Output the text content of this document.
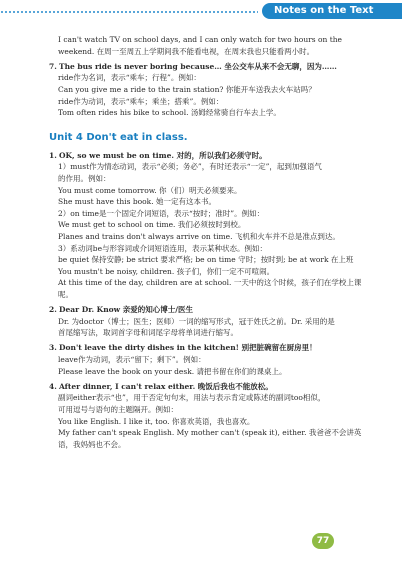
Notes on the Text
I can't watch TV on school days, and I can only watch for two hours on the
weekend. 在周一至周五上学期间我不能看电视，在周末我也只能看两小时。
7. The bus ride is never boring because… 坐公交车从来不会无聊，因为……
ride作为名词，表示“乘车；行程”。例如：
Can you give me a ride to the train station? 你能开车送我去火车站吗？
ride作为动词，表示“乘车；乘坐；搭乘”。例如：
Tom often rides his bike to school. 汤姆经常骑自行车去上学。
Unit 4 Don't eat in class.
1. OK, so we must be on time. 对的，所以我们必须守时。
1）must作为情态动词，表示“必须；务必”，有时还表示“一定”，起到加强语气
的作用。例如：
You must come tomorrow. 你（们）明天必须要来。
She must have this book. 她一定有这本书。
2）on time是一个固定介词短语，表示“按时；准时”。例如：
We must get to school on time. 我们必须按时到校。
Planes and trains don't always arrive on time. 飞机和火车并不总是准点到达。
3）系动词be与形容词或介词短语连用，表示某种状态。例如：
be quiet 保持安静; be strict 要求严格; be on time 守时；按时到; be at work 在上班
You mustn't be noisy, children. 孩子们，你们一定不可喧闹。
At this time of the day, children are at school. 一天中的这个时候，孩子们在学校上课呢。
2. Dear Dr. Know 亲爱的知心博士/医生
Dr. 为doctor（博士；医生；医师）一词的缩写形式，冠于姓氏之前。Dr. 采用的是
首尾缩写法，取词首字母和词尾字母将单词进行缩写。
3. Don't leave the dirty dishes in the kitchen! 别把脏碗留在厨房里！
leave作为动词，表示“留下；剩下”。例如：
Please leave the book on your desk. 请把书留在你们的课桌上。
4. After dinner, I can't relax either. 晚饭后我也不能放松。
副词either表示“也”，用于否定句句末，用法与表示肯定或陈述的副词too相似，
可用逗号与语句的主题隔开。例如：
You like English. I like it, too. 你喜欢英语，我也喜欢。
My father can't speak English. My mother can't (speak it), either. 我爸爸不会讲英
语，我妈妈也不会。
77
